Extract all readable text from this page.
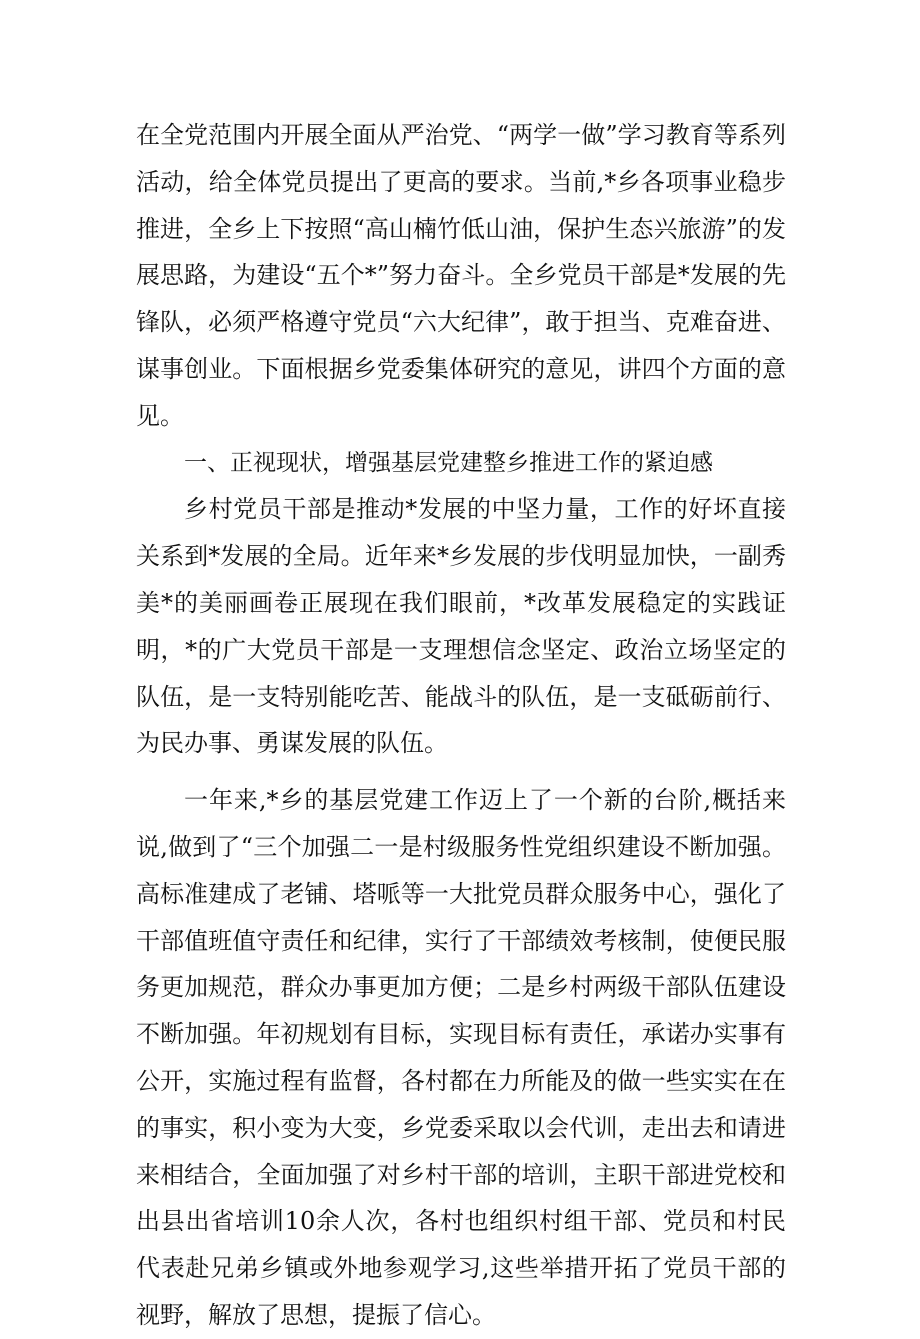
在全党范围内开展全面从严治党、“两学一做”学习教育等系列活动，给全体党员提出了更高的要求。当前,*乡各项事业稳步推进，全乡上下按照“高山楠竹低山油，保护生态兴旅游”的发展思路，为建设“五个*”努力奋斗。全乡党员干部是*发展的先锋队，必须严格遵守党员“六大纪律”，敢于担当、克难奋进、谋事创业。下面根据乡党委集体研究的意见，讲四个方面的意见。

一、正视现状，增强基层党建整乡推进工作的紧迫感

乡村党员干部是推动*发展的中坚力量，工作的好坏直接关系到*发展的全局。近年来*乡发展的步伐明显加快，一副秀美*的美丽画卷正展现在我们眼前，*改革发展稳定的实践证明，*的广大党员干部是一支理想信念坚定、政治立场坚定的队伍，是一支特别能吃苦、能战斗的队伍，是一支砥砺前行、为民办事、勇谋发展的队伍。

一年来,*乡的基层党建工作迈上了一个新的台阶,概括来说,做到了“三个加强二一是村级服务性党组织建设不断加强。高标准建成了老铺、塔哌等一大批党员群众服务中心，强化了干部值班值守责任和纪律，实行了干部绩效考核制，使便民服务更加规范，群众办事更加方便；二是乡村两级干部队伍建设不断加强。年初规划有目标，实现目标有责任，承诺办实事有公开，实施过程有监督，各村都在力所能及的做一些实实在在的事实，积小变为大变，乡党委采取以会代训，走出去和请进来相结合，全面加强了对乡村干部的培训，主职干部进党校和出县出省培训10余人次，各村也组织村组干部、党员和村民代表赴兄弟乡镇或外地参观学习,这些举措开拓了党员干部的视野，解放了思想，提振了信心。
